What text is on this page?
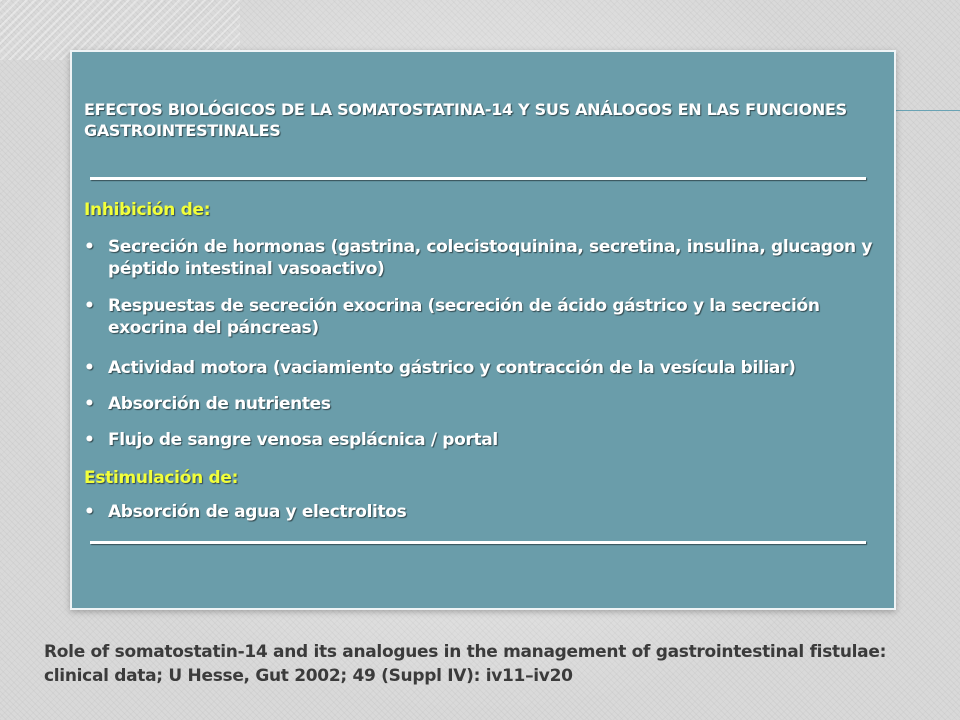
EFECTOS BIOLÓGICOS DE LA SOMATOSTATINA-14 Y SUS ANÁLOGOS EN LAS FUNCIONES GASTROINTESTINALES
Inhibición de:
• Secreción de hormonas (gastrina, colecistoquinina, secretina, insulina, glucagon y péptido intestinal vasoactivo)
• Respuestas de secreción exocrina (secreción de ácido gástrico y la secreción exocrina del páncreas)
• Actividad motora (vaciamiento gástrico y contracción de la vesícula biliar)
• Absorción de nutrientes
• Flujo de sangre venosa esplácnica / portal
Estimulación de:
• Absorción de agua y electrolitos
Role of somatostatin-14 and its analogues in the management of gastrointestinal fistulae: clinical data; U Hesse, Gut 2002; 49 (Suppl IV): iv11–iv20
